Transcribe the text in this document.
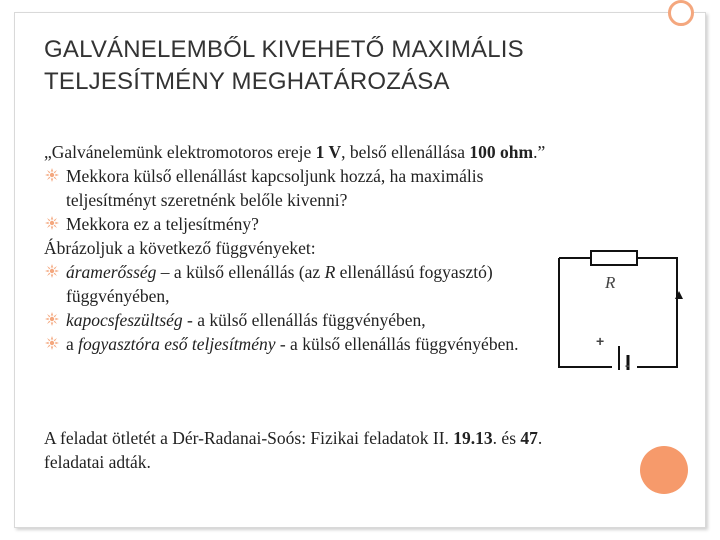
GALVÁNELEMBŐL KIVEHETŐ MAXIMÁLIS
TELJESÍTMÉNY MEGHATÁROZÁSA
„Galvánelemünk elektromotoros ereje 1 V, belső ellenállása 100 ohm.”
Mekkora külső ellenállást kapcsoljunk hozzá, ha maximális
teljesítményt szeretnénk belőle kivenni?
Mekkora ez a teljesítmény?
Ábrázoljuk a következő függvényeket:
áramerősség – a külső ellenállás (az R ellenállású fogyasztó)
függvényében,
kapocsfeszültség - a külső ellenállás függvényében,
a fogyasztóra eső teljesítmény - a külső ellenállás függvényében.
R
+
-
A feladat ötletét a Dér-Radanai-Soós: Fizikai feladatok II. 19.13. és 47.
feladatai adták.
